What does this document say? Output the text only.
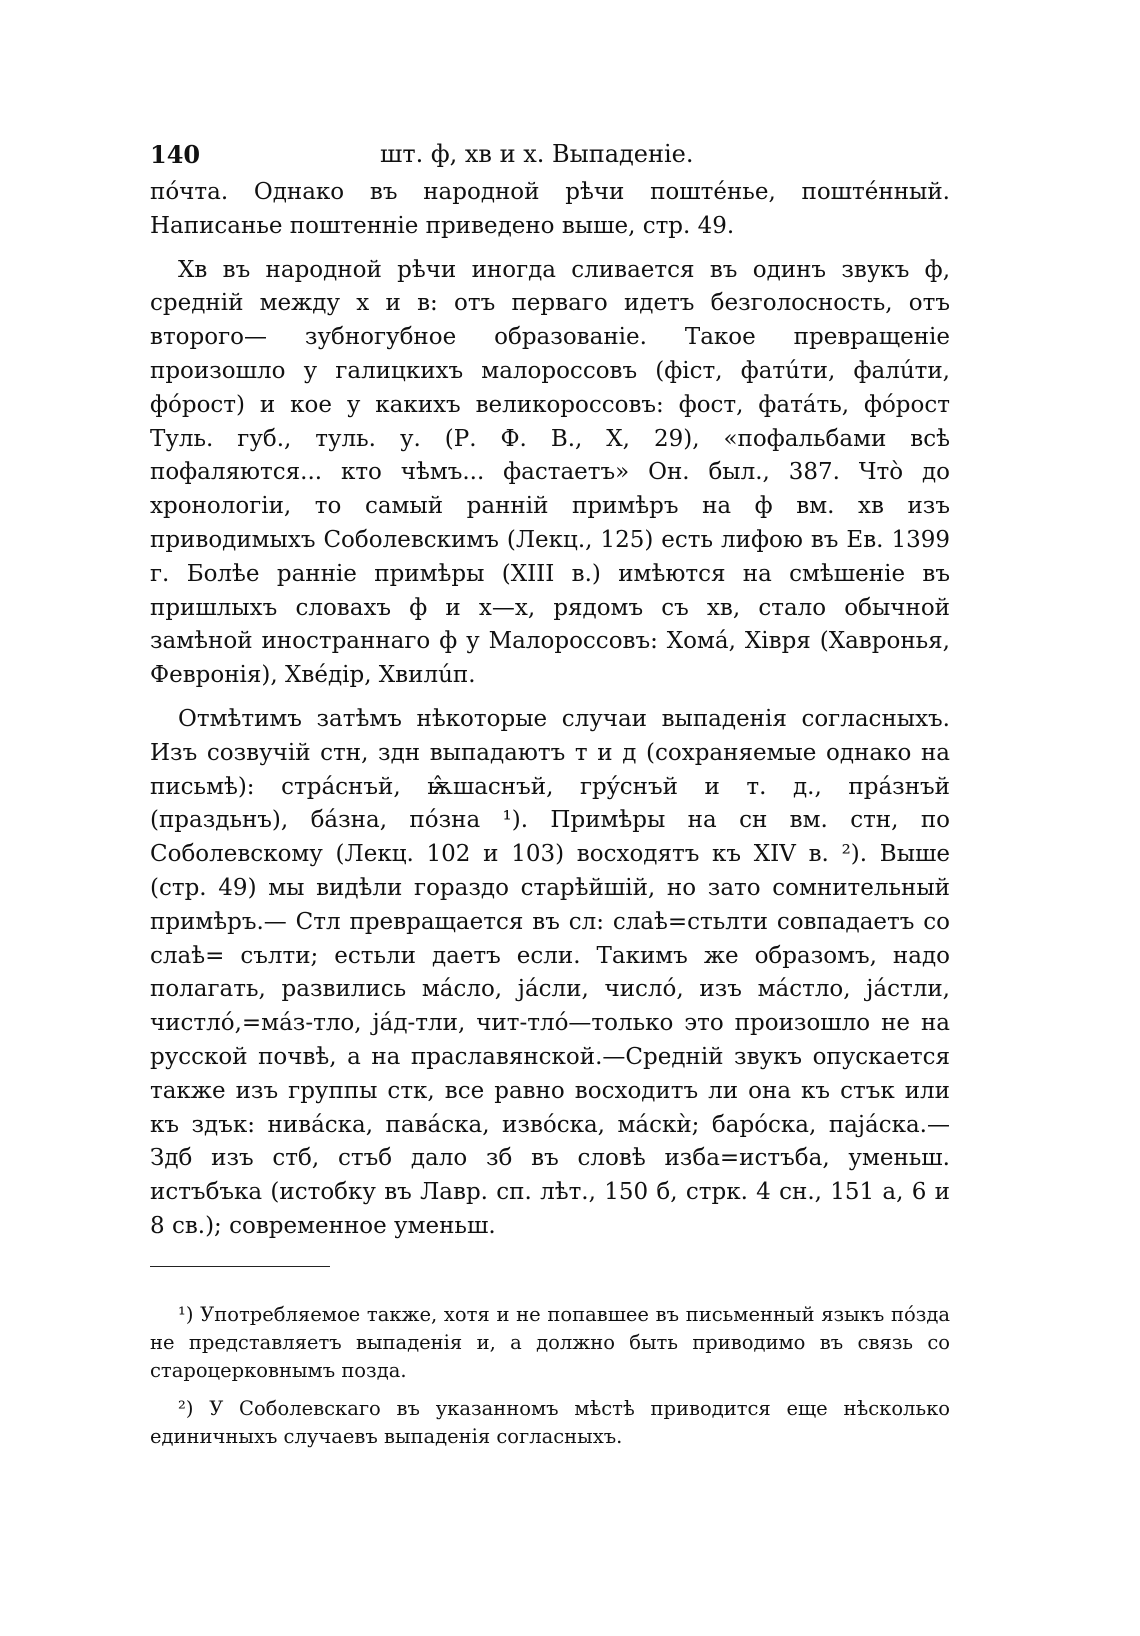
140	шт. ф, хв и х. Выпаденіе.

пóчта. Однако въ народной рѣчи поштéнье, поштéнный. Написанье поштенніе приведено выше, стр. 49.

Хв въ народной рѣчи иногда сливается въ одинъ звукъ ф, средній между х и в: отъ перваго идетъ безголосность, отъ второго— зубногубное образованіе. Такое превращеніе произошло у галицкихъ малороссовъ (фіст, фатúти, фалúти, фóрост) и кое у какихъ великороссовъ: фост, фатáть, фóрост Туль. губ., туль. у. (Р. Ф. В., X, 29), «пофальбами всѣ пофаляются... кто чѣмъ... фастаетъ» Он. был., 387. Чтò до хронологіи, то самый ранній примѣръ на ф вм. хв изъ приводимыхъ Соболевскимъ (Лекц., 125) есть лифою въ Ев. 1399 г. Болѣе ранніе примѣры (XIII в.) имѣются на смѣшеніе въ пришлыхъ словахъ ф и х—х, рядомъ съ хв, стало обычной замѣной иностраннаго ф у Малороссовъ: Хомá, Хівря (Хавронья, Февронія), Хвéдір, Хвилúп.

Отмѣтимъ затѣмъ нѣкоторые случаи выпаденія согласныхъ. Изъ созвучій стн, здн выпадаютъ т и д (сохраняемые однако на письмѣ): стрáснъй, ѭ̂шаснъй, грýснъй и т. д., прáзнъй (праздьнъ), бáзна, пóзна ¹). Примѣры на сн вм. стн, по Соболевскому (Лекц. 102 и 103) восходятъ къ XIV в. ²). Выше (стр. 49) мы видѣли гораздо старѣйшій, но зато сомнительный примѣръ.— Стл превращается въ сл: слаѣ=стьлти совпадаетъ со слаѣ= сълти; естьли даетъ если. Такимъ же образомъ, надо полагать, развились мáсло, јáсли, числó, изъ мáстло, јáстли, чистлó,=мáз-тло, јáд-тли, чит-тлó—только это произошло не на русской почвѣ, а на праславянской.—Средній звукъ опускается также изъ группы стк, все равно восходитъ ли она къ стък или къ здък: нивáска, павáска, извóска, мáскѝ; барóска, пајáска.—Здб изъ стб, стъб дало зб въ словѣ изба=истъба, уменьш. истъбъка (истобку въ Лавр. сп. лѣт., 150 б, стрк. 4 сн., 151 а, 6 и 8 св.); современное уменьш.

¹) Употребляемое также, хотя и не попавшее въ письменный языкъ пóзда не представляетъ выпаденія и, а должно быть приводимо въ связь со староцерковнымъ позда.

²) У Соболевскаго въ указанномъ мѣстѣ приводится еще нѣсколько единичныхъ случаевъ выпаденія согласныхъ.
